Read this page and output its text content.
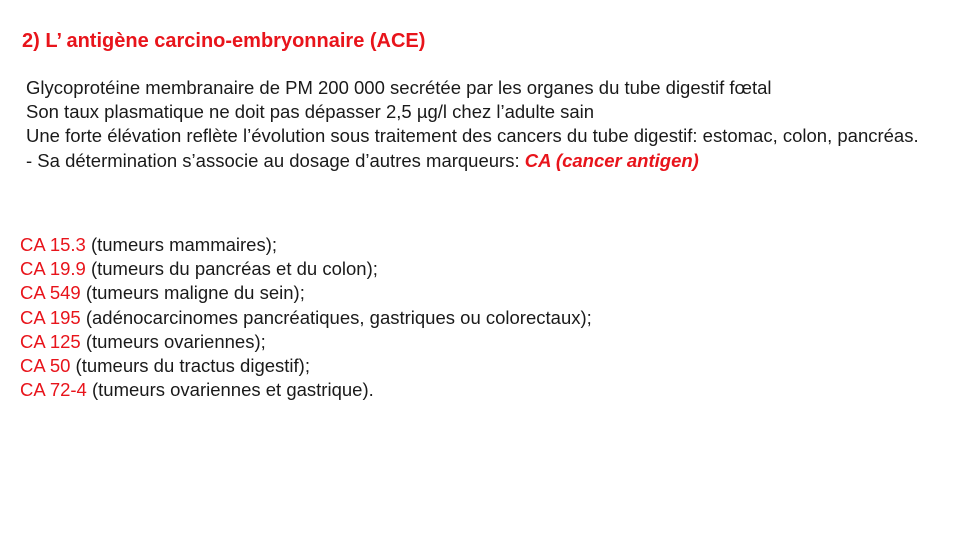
2) L’ antigène carcino-embryonnaire (ACE)

Glycoprotéine membranaire de PM 200 000 secrétée par les organes du tube digestif fœtal

Son taux plasmatique ne doit pas dépasser 2,5 µg/l chez l’adulte sain

Une forte élévation reflète l’évolution sous traitement des cancers du tube digestif: estomac, colon, pancréas.

- Sa détermination s’associe au dosage d’autres marqueurs: CA (cancer antigen)

CA 15.3 (tumeurs mammaires);
CA 19.9 (tumeurs du pancréas et du colon);
CA 549 (tumeurs maligne du sein);
CA 195 (adénocarcinomes pancréatiques, gastriques ou colorectaux);
CA 125 (tumeurs ovariennes);
CA 50 (tumeurs du tractus digestif);
CA 72-4 (tumeurs ovariennes et gastrique).
